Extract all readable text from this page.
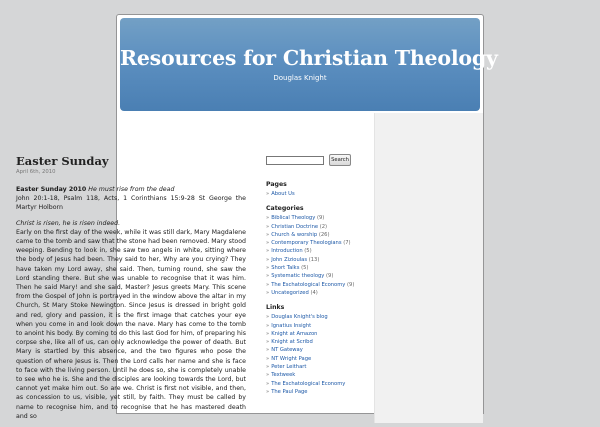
Resources for Christian Theology
Douglas Knight
Easter Sunday
April 6th, 2010

Easter Sunday 2010 He must rise from the dead
John 20:1-18, Psalm 118, Acts, 1 Corinthians 15:9-28 St George the Martyr Holborn

Christ is risen, he is risen indeed.
Early on the first day of the week, while it was still dark, Mary Magdalene came to the tomb and saw that the stone had been removed. Mary stood weeping. Bending to look in, she saw two angels in white, sitting where the body of Jesus had been. They said to her, Why are you crying? They have taken my Lord away, she said. Then, turning round, she saw the Lord standing there. But she was unable to recognise that it was him. Then he said Mary! and she said, Master? Jesus greets Mary. This scene from the Gospel of John is portrayed in the window above the altar in my Church, St Mary Stoke Newington. Since Jesus is dressed in bright gold and red, glory and passion, it is the first image that catches your eye when you come in and look down the nave. Mary has come to the tomb to anoint his body. By coming to do this last God for him, of preparing his corpse she, like all of us, can only acknowledge the power of death. But Mary is startled by this absence, and the two figures who pose the question of where Jesus is. Then the Lord calls her name and she is face to face with the living person. Until he does so, she is completely unable to see who he is. She and the disciples are looking towards the Lord, but cannot yet make him out. So are we. Christ is first not visible, and then, as concession to us, visible, yet still, by faith. They must be called by name to recognise him, and to recognise that he has mastered death and so

Search
Pages
» About Us
Categories
» Biblical Theology (9)
» Christian Doctrine (2)
» Church & worship (26)
» Contemporary Theologians (7)
» Introduction (5)
» John Zizioulas (13)
» Short Talks (5)
» Systematic theology (9)
» The Eschatological Economy (9)
» Uncategorized (4)
Links
» Douglas Knight's blog
» Ignatius Insight
» Knight at Amazon
» Knight at Scribd
» NT Gateway
» NT Wright Page
» Peter Leithart
» Textweek
» The Eschatological Economy
» The Paul Page
